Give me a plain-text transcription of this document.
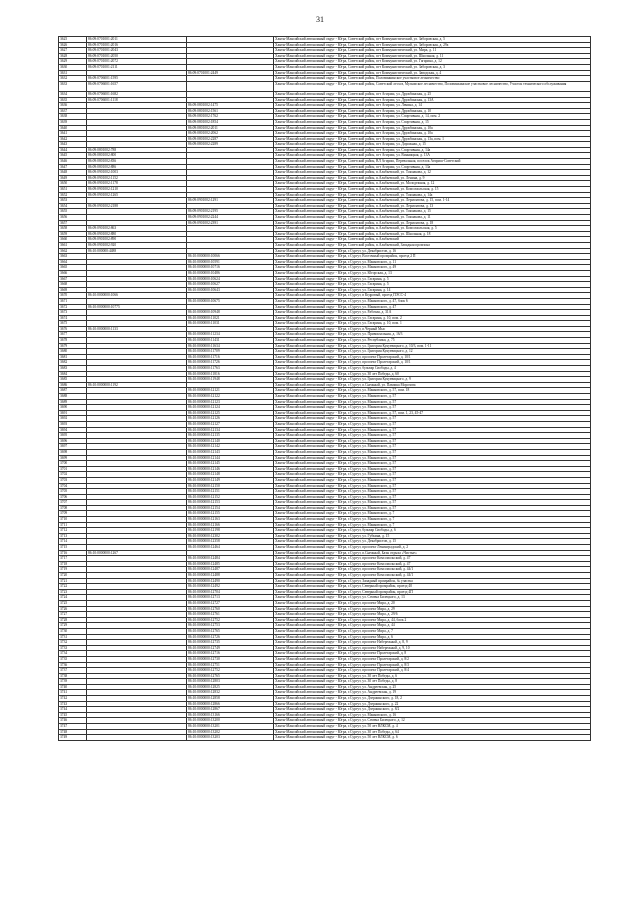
31
3625	86:09:0701001:2011		Ханты-Мансийский автономный округ - Югра, Советский район, пгт Коммунистический, ул. Заборовская, д. 5
3626	86:09:0701001:2016		Ханты-Мансийский автономный округ - Югра, Советский район, пгт Коммунистический, ул. Заборовская, д. 29а
3627	86:09:0701001:2043		Ханты-Мансийский автономный округ - Югра, Советский район, пгт Коммунистический, ул. Мира, д. 11
3628	86:09:0701001:2050		Ханты-Мансийский автономный округ - Югра, Советский район, пгт Коммунистический, ул. Школьная, д. 11
3629	86:09:0701001:2072		Ханты-Мансийский автономный округ - Югра, Советский район, пгт Коммунистический, ул. Гагарина, д. 12
3630	86:09:0701001:2111		Ханты-Мансийский автономный округ - Югра, Советский район, пгт Коммунистический, ул. Заборовская, д. 3
3631		86:09:0701001:2449	Ханты-Мансийский автономный округ - Югра, Советский район, пгт Коммунистический, ул. Заводская, д. 4
3632	86:09:0706001:1595		Ханты-Мансийский автономный округ - Югра, Советский район, Половинкинское участковое лесничество
3633	86:09:0706001:1657		Ханты-Мансийский автономный округ - Югра, Советский район, Советский лесхоз, Мулымское лесничество, Половинкинское участковое лесничество, Участок технического обслуживания
3634	86:09:0706001:1682		Ханты-Мансийский автономный округ - Югра, Советский район, пгт Агириш, ул. Дружбинская, д. 25
3635	86:09:0706001:1118		Ханты-Мансийский автономный округ - Югра, Советский район, пгт Агириш, ул. Дружбинская, д. 13А
3636		86:09:0801002:1475	Ханты-Мансийский автономный округ - Югра, Советский район, пгт Агириш, ул. Ленина, д. 14
3637		86:09:0801002:1561	Ханты-Мансийский автономный округ - Югра, Советский район, пгт Агириш, ул. Дружбинская, д. 10
3638		86:09:0801002:1762	Ханты-Мансийский автономный округ - Югра, Советский район, пгт Агириш, ул. Спортивная, д. 14, пом. 2
3639		86:09:0801002:1854	Ханты-Мансийский автономный округ - Югра, Советский район, пгт Агириш, ул. Спортивная, д. 15
3640		86:09:0801002:2011	Ханты-Мансийский автономный округ - Югра, Советский район, пгт Агириш, ул. Дружбинская, д. 10а
3641		86:09:0801002:2062	Ханты-Мансийский автономный округ - Югра, Советский район, пгт Агириш, ул. Дружбинская, д. 10а
3642		86:09:0801002:2287	Ханты-Мансийский автономный округ - Югра, Советский район, пгт Агириш, ул. Дружбинская, д. 13а, пом. 1
3643		86:09:0801002:2289	Ханты-Мансийский автономный округ - Югра, Советский район, пгт Агириш, ул. Дорожная, д. 15
3644	86:09:0801002:788		Ханты-Мансийский автономный округ - Югра, Советский район, пгт Агириш, ул. Спортивная, д. 14а
3645	86:09:0801002:800		Ханты-Мансийский автономный округ - Югра, Советский район, пгт Агириш, ул. Винницкая, д. 13А
3646	86:09:0801002:836		Ханты-Мансийский автономный округ - Югра, Советский район, ВЛ Агириш, Перевальная, поселок Агириш-Советский
3647	86:09:0801002:886		Ханты-Мансийский автономный округ - Югра, Советский район, пгт Агириш, ул. Спортивная, д. 13а
3648	86:09:0901002:1003		Ханты-Мансийский автономный округ - Югра, Советский район, п.Алябьевский, ул. Токмакова, д. 12
3649	86:09:0901002:1152		Ханты-Мансийский автономный округ - Югра, Советский район, п.Алябьевский, ул. Ленина, д. 9
3650	86:09:0901002:1178		Ханты-Мансийский автономный округ - Югра, Советский район, п.Алябьевский, ул. Молодежная, д. 12
3651	86:09:0901002:1210		Ханты-Мансийский автономный округ - Югра, Советский район, п.Алябьевский, ул. Комсомольская, д. 15
3652	86:09:0901002:1265		Ханты-Мансийский автономный округ - Югра, Советский район, п.Алябьевский, ул. Токмакова, д. 14а
3653		86:09:0901002:1291	Ханты-Мансийский автономный округ - Югра, Советский район, п.Алябьевский, ул. Лермонтова, д. 15, пом. 1-14
3654	86:09:0901002:2188		Ханты-Мансийский автономный округ - Югра, Советский район, п.Алябьевский, ул. Лермонтова, д. 13
3655		86:09:0901002:2195	Ханты-Мансийский автономный округ - Югра, Советский район, п.Алябьевский, ул. Токмакова, д. 15
3656		86:09:0901002:2244	Ханты-Мансийский автономный округ - Югра, Советский район, п.Алябьевский, ул. Токмакова, д. 11
3657		86:09:0901002:2391	Ханты-Мансийский автономный округ - Югра, Советский район, п.Алябьевский, ул. Лермонтова, д. 18
3658	86:09:0901002:863		Ханты-Мансийский автономный округ - Югра, Советский район, п.Алябьевский, ул. Комсомольская, д. 5
3659	86:09:0901002:880		Ханты-Мансийский автономный округ - Югра, Советский район, п.Алябьевский, ул. Школьная, д. 18
3660	86:09:0901002:890		Ханты-Мансийский автономный округ - Югра, Советский район, п.Алябьевский
3661	86:09:0901002:920		Ханты-Мансийский автономный округ - Югра, Советский район, п.Алябьевский, Западная промзона
3662	86:10:000000:4488		Ханты-Мансийский автономный округ - Югра, г.Сургут, ул. Декабристов, д. 16
3663		86:10:0000000:10066	Ханты-Мансийский автономный округ - Югра, г.Сургут, Восточный промрайон, проезд 2 П
3664		86:10:0000000:10591	Ханты-Мансийский автономный округ - Югра, г.Сургут, ул. Маяковского, д. 11
3665		86:10:0000000:10716	Ханты-Мансийский автономный округ - Югра, г.Сургут, ул. Маяковского, д. 49
3666		86:10:0000000:10486	Ханты-Мансийский автономный округ - Югра, г.Сургут, ул. Югорская, д. 13
3667		86:10:0000000:10624	Ханты-Мансийский автономный округ - Югра, г.Сургут, ул. Гагарина, д. 5
3668		86:10:0000000:10627	Ханты-Мансийский автономный округ - Югра, г.Сургут, ул. Гагарина, д. 5
3669		86:10:0000000:10643	Ханты-Мансийский автономный округ - Югра, г.Сургут, ул. Гагарина, д. 14
3670	86:10:0000000:1066		Ханты-Мансийский автономный округ - Югра, г.Сургут, в Кедровый, проезд ПЭСС-4
3671		86:10:0000000:10675	Ханты-Мансийский автономный округ - Югра, г.Сургут, ул. Маяковского, д. 47, блок 6
3672	86:10:0000000:10775		Ханты-Мансийский автономный округ - Югра, г.Сургут, ул. Маяковского, д. 47
3673		86:10:0000000:10948	Ханты-Мансийский автономный округ - Югра, г.Сургут, ул. Рабочая, д. 31А
3674		86:10:0000000:11021	Ханты-Мансийский автономный округ - Югра, г.Сургут, ул. Гагарина, д. 10, пом. 2
3675		86:10:0000000:11031	Ханты-Мансийский автономный округ - Югра, г.Сургут, ул. Гагарина, д. 10, пом. 1
3676	86:10:0000000:1133		Ханты-Мансийский автономный округ - Югра, г.Сургут, п.Черный Мыс
3677		86:10:0000000:11234	Ханты-Мансийский автономный округ - Югра, г.Сургут, ул. Привокзальная, д. 16/3
3678		86:10:0000000:11431	Ханты-Мансийский автономный округ - Югра, г.Сургут, ул. Республики, д. 75
3679		86:10:0000000:11634	Ханты-Мансийский автономный округ - Югра, г.Сургут, ул. Григория Кукуевицкого, д. 10/3, пом. 1-11
3680		86:10:0000000:11709	Ханты-Мансийский автономный округ - Югра, г.Сургут, ул. Григория Кукуевицкого, д. 12
3681		86:10:0000000:11716	Ханты-Мансийский автономный округ - Югра, г.Сургут, проспект Пролетарский, д. 10/1
3682		86:10:0000000:11726	Ханты-Мансийский автономный округ - Югра, г.Сургут, проспект Пролетарский, д. 10/1
3683		86:10:0000000:11763	Ханты-Мансийский автономный округ - Югра, г.Сургут, бульвар Свободы, д. 4
3684		86:10:0000000:11816	Ханты-Мансийский автономный округ - Югра, г.Сургут, ул. 30 лет Победы, д. 60
3685		86:10:0000000:11948	Ханты-Мансийский автономный округ - Югра, г.Сургут, ул. Григория Кукуевицкого, д. 9
3686	86:10:0000000:1192		Ханты-Мансийский автономный округ - Югра, г.Сургут, п.Снежный, ул. Павлика Морозова
3687		86:10:0000000:12121	Ханты-Мансийский автономный округ - Югра, г.Сургут, ул. Маяковского, д. 57, пом. 18
3688		86:10:0000000:12122	Ханты-Мансийский автономный округ - Югра, г.Сургут, ул. Маяковского, д. 57
3689		86:10:0000000:12123	Ханты-Мансийский автономный округ - Югра, г.Сургут, ул. Маяковского, д. 57
3690		86:10:0000000:12124	Ханты-Мансийский автономный округ - Югра, г.Сургут, ул. Маяковского, д. 57
3691		86:10:0000000:12125	Ханты-Мансийский автономный округ - Югра, г.Сургут, ул. Маяковского, д. 57, пом. 1, 23, 45-47
3692		86:10:0000000:12126	Ханты-Мансийский автономный округ - Югра, г.Сургут, ул. Маяковского, д. 57
3693		86:10:0000000:12127	Ханты-Мансийский автономный округ - Югра, г.Сургут, ул. Маяковского, д. 57
3694		86:10:0000000:12134	Ханты-Мансийский автономный округ - Югра, г.Сургут, ул. Маяковского, д. 57
3695		86:10:0000000:12135	Ханты-Мансийский автономный округ - Югра, г.Сургут, ул. Маяковского, д. 57
3696		86:10:0000000:12140	Ханты-Мансийский автономный округ - Югра, г.Сургут, ул. Маяковского, д. 57
3697		86:10:0000000:12142	Ханты-Мансийский автономный округ - Югра, г.Сургут, ул. Маяковского, д. 57
3698		86:10:0000000:12143	Ханты-Мансийский автономный округ - Югра, г.Сургут, ул. Маяковского, д. 57
3699		86:10:0000000:12144	Ханты-Мансийский автономный округ - Югра, г.Сургут, ул. Маяковского, д. 57
3700		86:10:0000000:12145	Ханты-Мансийский автономный округ - Югра, г.Сургут, ул. Маяковского, д. 57
3701		86:10:0000000:12146	Ханты-Мансийский автономный округ - Югра, г.Сургут, ул. Маяковского, д. 57
3702		86:10:0000000:12148	Ханты-Мансийский автономный округ - Югра, г.Сургут, ул. Маяковского, д. 57
3703		86:10:0000000:12149	Ханты-Мансийский автономный округ - Югра, г.Сургут, ул. Маяковского, д. 57
3704		86:10:0000000:12150	Ханты-Мансийский автономный округ - Югра, г.Сургут, ул. Маяковского, д. 57
3705		86:10:0000000:12151	Ханты-Мансийский автономный округ - Югра, г.Сургут, ул. Маяковского, д. 57
3706		86:10:0000000:12152	Ханты-Мансийский автономный округ - Югра, г.Сургут, ул. Маяковского, д. 57
3707		86:10:0000000:12153	Ханты-Мансийский автономный округ - Югра, г.Сургут, ул. Маяковского, д. 57
3708		86:10:0000000:12154	Ханты-Мансийский автономный округ - Югра, г.Сургут, ул. Маяковского, д. 57
3709		86:10:0000000:12155	Ханты-Мансийский автономный округ - Югра, г.Сургут, ул. Маяковского, д. 7
3710		86:10:0000000:12163	Ханты-Мансийский автономный округ - Югра, г.Сургут, ул. Маяковского, д. 7
3711		86:10:0000000:12166	Ханты-Мансийский автономный округ - Югра, г.Сургут, ул. Маяковского, д. 7
3712		86:10:0000000:12198	Ханты-Мансийский автономный округ - Югра, г.Сургут, бульвар Свободы, д. 6
3713		86:10:0000000:12302	Ханты-Мансийский автономный округ - Югра, г.Сургут, ул. Губкина, д. 15
3714		86:10:0000000:12358	Ханты-Мансийский автономный округ - Югра, г.Сургут, ул. Декабристов, д. 15
3715		86:10:0000000:12464	Ханты-Мансийский автономный округ - Югра, г.Сургут, проспект Ленинградский, д. 2
3716	86:10:0000000:1267		Ханты-Мансийский автономный округ - Югра, г.Сургут, п.Снежный, Базы отдыха «Чистые»
3717		86:10:0000000:12484	Ханты-Мансийский автономный округ - Югра, г.Сургут, проспект Комсомольский, д. 47
3718		86:10:0000000:12485	Ханты-Мансийский автономный округ - Югра, г.Сургут, проспект Комсомольский, д. 47
3719		86:10:0000000:12487	Ханты-Мансийский автономный округ - Югра, г.Сургут, проспект Комсомольский, д. 44/1
3720		86:10:0000000:12488	Ханты-Мансийский автономный округ - Югра, г.Сургут, проспект Комсомольский, д. 44/1
3721		86:10:0000000:12490	Ханты-Мансийский автономный округ - Югра, г.Сургут, Западный промрайон, № участка
3722		86:10:0000000:12492	Ханты-Мансийский автономный округ - Югра, г.Сургут, Северный промрайон, проезд 40
3723		86:10:0000000:12704	Ханты-Мансийский автономный округ - Югра, г.Сургут, Северный промрайон, проезд 4П
3724		86:10:0000000:12713	Ханты-Мансийский автономный округ - Югра, г.Сургут, ул. Семена Билецкого, д. 13
3725		86:10:0000000:12727	Ханты-Мансийский автономный округ - Югра, г.Сургут, проспект Мира, д. 20
3726		86:10:0000000:12760	Ханты-Мансийский автономный округ - Югра, г.Сургут, проспект Мира, д. 29
3727		86:10:0000000:12761	Ханты-Мансийский автономный округ - Югра, г.Сургут, проспект Мира, д. 29/6
3728		86:10:0000000:12752	Ханты-Мансийский автономный округ - Югра, г.Сургут, проспект Мира, д. 44, блок 2
3729		86:10:0000000:12753	Ханты-Мансийский автономный округ - Югра, г.Сургут, проспект Мира, д. 44
3730		86:10:0000000:12765	Ханты-Мансийский автономный округ - Югра, г.Сургут, проспект Мира, д. 7
3731		86:10:0000000:12726	Ханты-Мансийский автономный округ - Югра, г.Сургут, проспект Мира, д. 6
3732		86:10:0000000:12735	Ханты-Мансийский автономный округ - Югра, г.Сургут, проспект Набережный, д. 8, 9
3733		86:10:0000000:12749	Ханты-Мансийский автономный округ - Югра, г.Сургут, проспект Набережный, д. 9, 10
3734		86:10:0000000:12716	Ханты-Мансийский автономный округ - Югра, г.Сургут, проспект Пролетарский, д. 8
3735		86:10:0000000:12730	Ханты-Мансийский автономный округ - Югра, г.Сургут, проспект Пролетарский, д. 8/2
3736		86:10:0000000:12751	Ханты-Мансийский автономный округ - Югра, г.Сургут, проспект Пролетарский, д. 8/3
3737		86:10:0000000:12752	Ханты-Мансийский автономный округ - Югра, г.Сургут, проспект Пролетарский, д. 8/4
3738		86:10:0000000:12765	Ханты-Мансийский автономный округ - Югра, г.Сургут, ул. 30 лет Победы, д. 6
3739		86:10:0000000:12803	Ханты-Мансийский автономный округ - Югра, г.Сургут, ул. 30 лет Победы, д. 8
3740		86:10:0000000:12825	Ханты-Мансийский автономный округ - Югра, г.Сургут, ул. Андреевская, д. 25
3741		86:10:0000000:12832	Ханты-Мансийский автономный округ - Югра, г.Сургут, ул. Андреевская, д. 19
3742		86:10:0000000:12858	Ханты-Мансийский автономный округ - Югра, г.Сургут, ул. Дзержинского, д. 18, 2
3743		86:10:0000000:12866	Ханты-Мансийский автономный округ - Югра, г.Сургут, ул. Дзержинского, д. 22
3744		86:10:0000000:12867	Ханты-Мансийский автономный округ - Югра, г.Сургут, ул. Дзержинского, д. 8/2
3745		86:10:0000000:13166	Ханты-Мансийский автономный округ - Югра, г.Сургут, ул. Маяковского, д. 16
3746		86:10:0000000:13200	Ханты-Мансийский автономный округ - Югра, г.Сургут, ул. Семена Билецкого, д. 12
3747		86:10:0000000:13201	Ханты-Мансийский автономный округ - Югра, г.Сургут, ул. 50 лет ВЛКСМ, д. 4
3748		86:10:0000000:13202	Ханты-Мансийский автономный округ - Югра, г.Сургут, ул. 30 лет Победы, д. 64
3749		86:10:0000000:13203	Ханты-Мансийский автономный округ - Югра, г.Сургут, ул. 50 лет ВЛКСМ, д. 6
